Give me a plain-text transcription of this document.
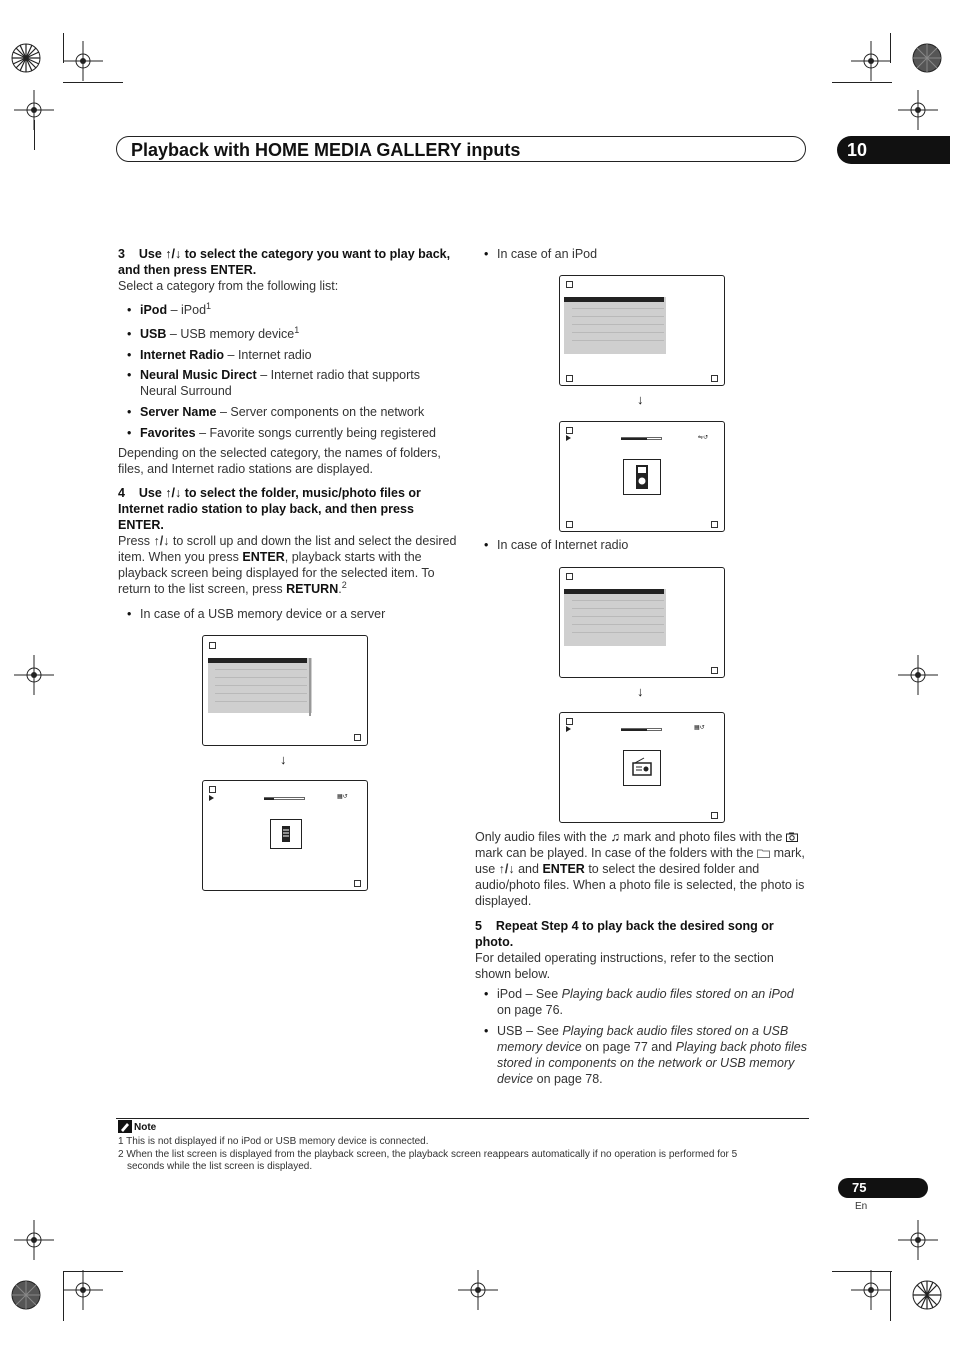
Playback with HOME MEDIA GALLERY inputs	10
3 Use ↑/↓ to select the category you want to play back, and then press ENTER.
Select a category from the following list:
• iPod – iPod$^1$
• USB – USB memory device$^1$
• Internet Radio – Internet radio
• Neural Music Direct – Internet radio that supports Neural Surround
• Server Name – Server components on the network
• Favorites – Favorite songs currently being registered
Depending on the selected category, the names of folders, files, and Internet radio stations are displayed.
4 Use ↑/↓ to select the folder, music/photo files or Internet radio station to play back, and then press ENTER.
Press ↑/↓ to scroll up and down the list and select the desired item. When you press ENTER, playback starts with the playback screen being displayed for the selected item. To return to the list screen, press RETURN.$^2$
• In case of a USB memory device or a server
↓
▦↺
• In case of an iPod
↓
⇋↺
• In case of Internet radio
↓
▦↺
Only audio files with the ♫ mark and photo files with the  mark can be played. In case of the folders with the mark, use ↑/↓ and ENTER to select the desired folder and audio/photo files. When a photo file is selected, the photo is displayed.
5 Repeat Step 4 to play back the desired song or photo.
For detailed operating instructions, refer to the section shown below.
• iPod – See Playing back audio files stored on an iPod on page 76.
• USB – See Playing back audio files stored on a USB memory device on page 77 and Playing back photo files stored in components on the network or USB memory device on page 78.
Note
1 This is not displayed if no iPod or USB memory device is connected.
2 When the list screen is displayed from the playback screen, the playback screen reappears automatically if no operation is performed for 5
seconds while the list screen is displayed.
75
En
